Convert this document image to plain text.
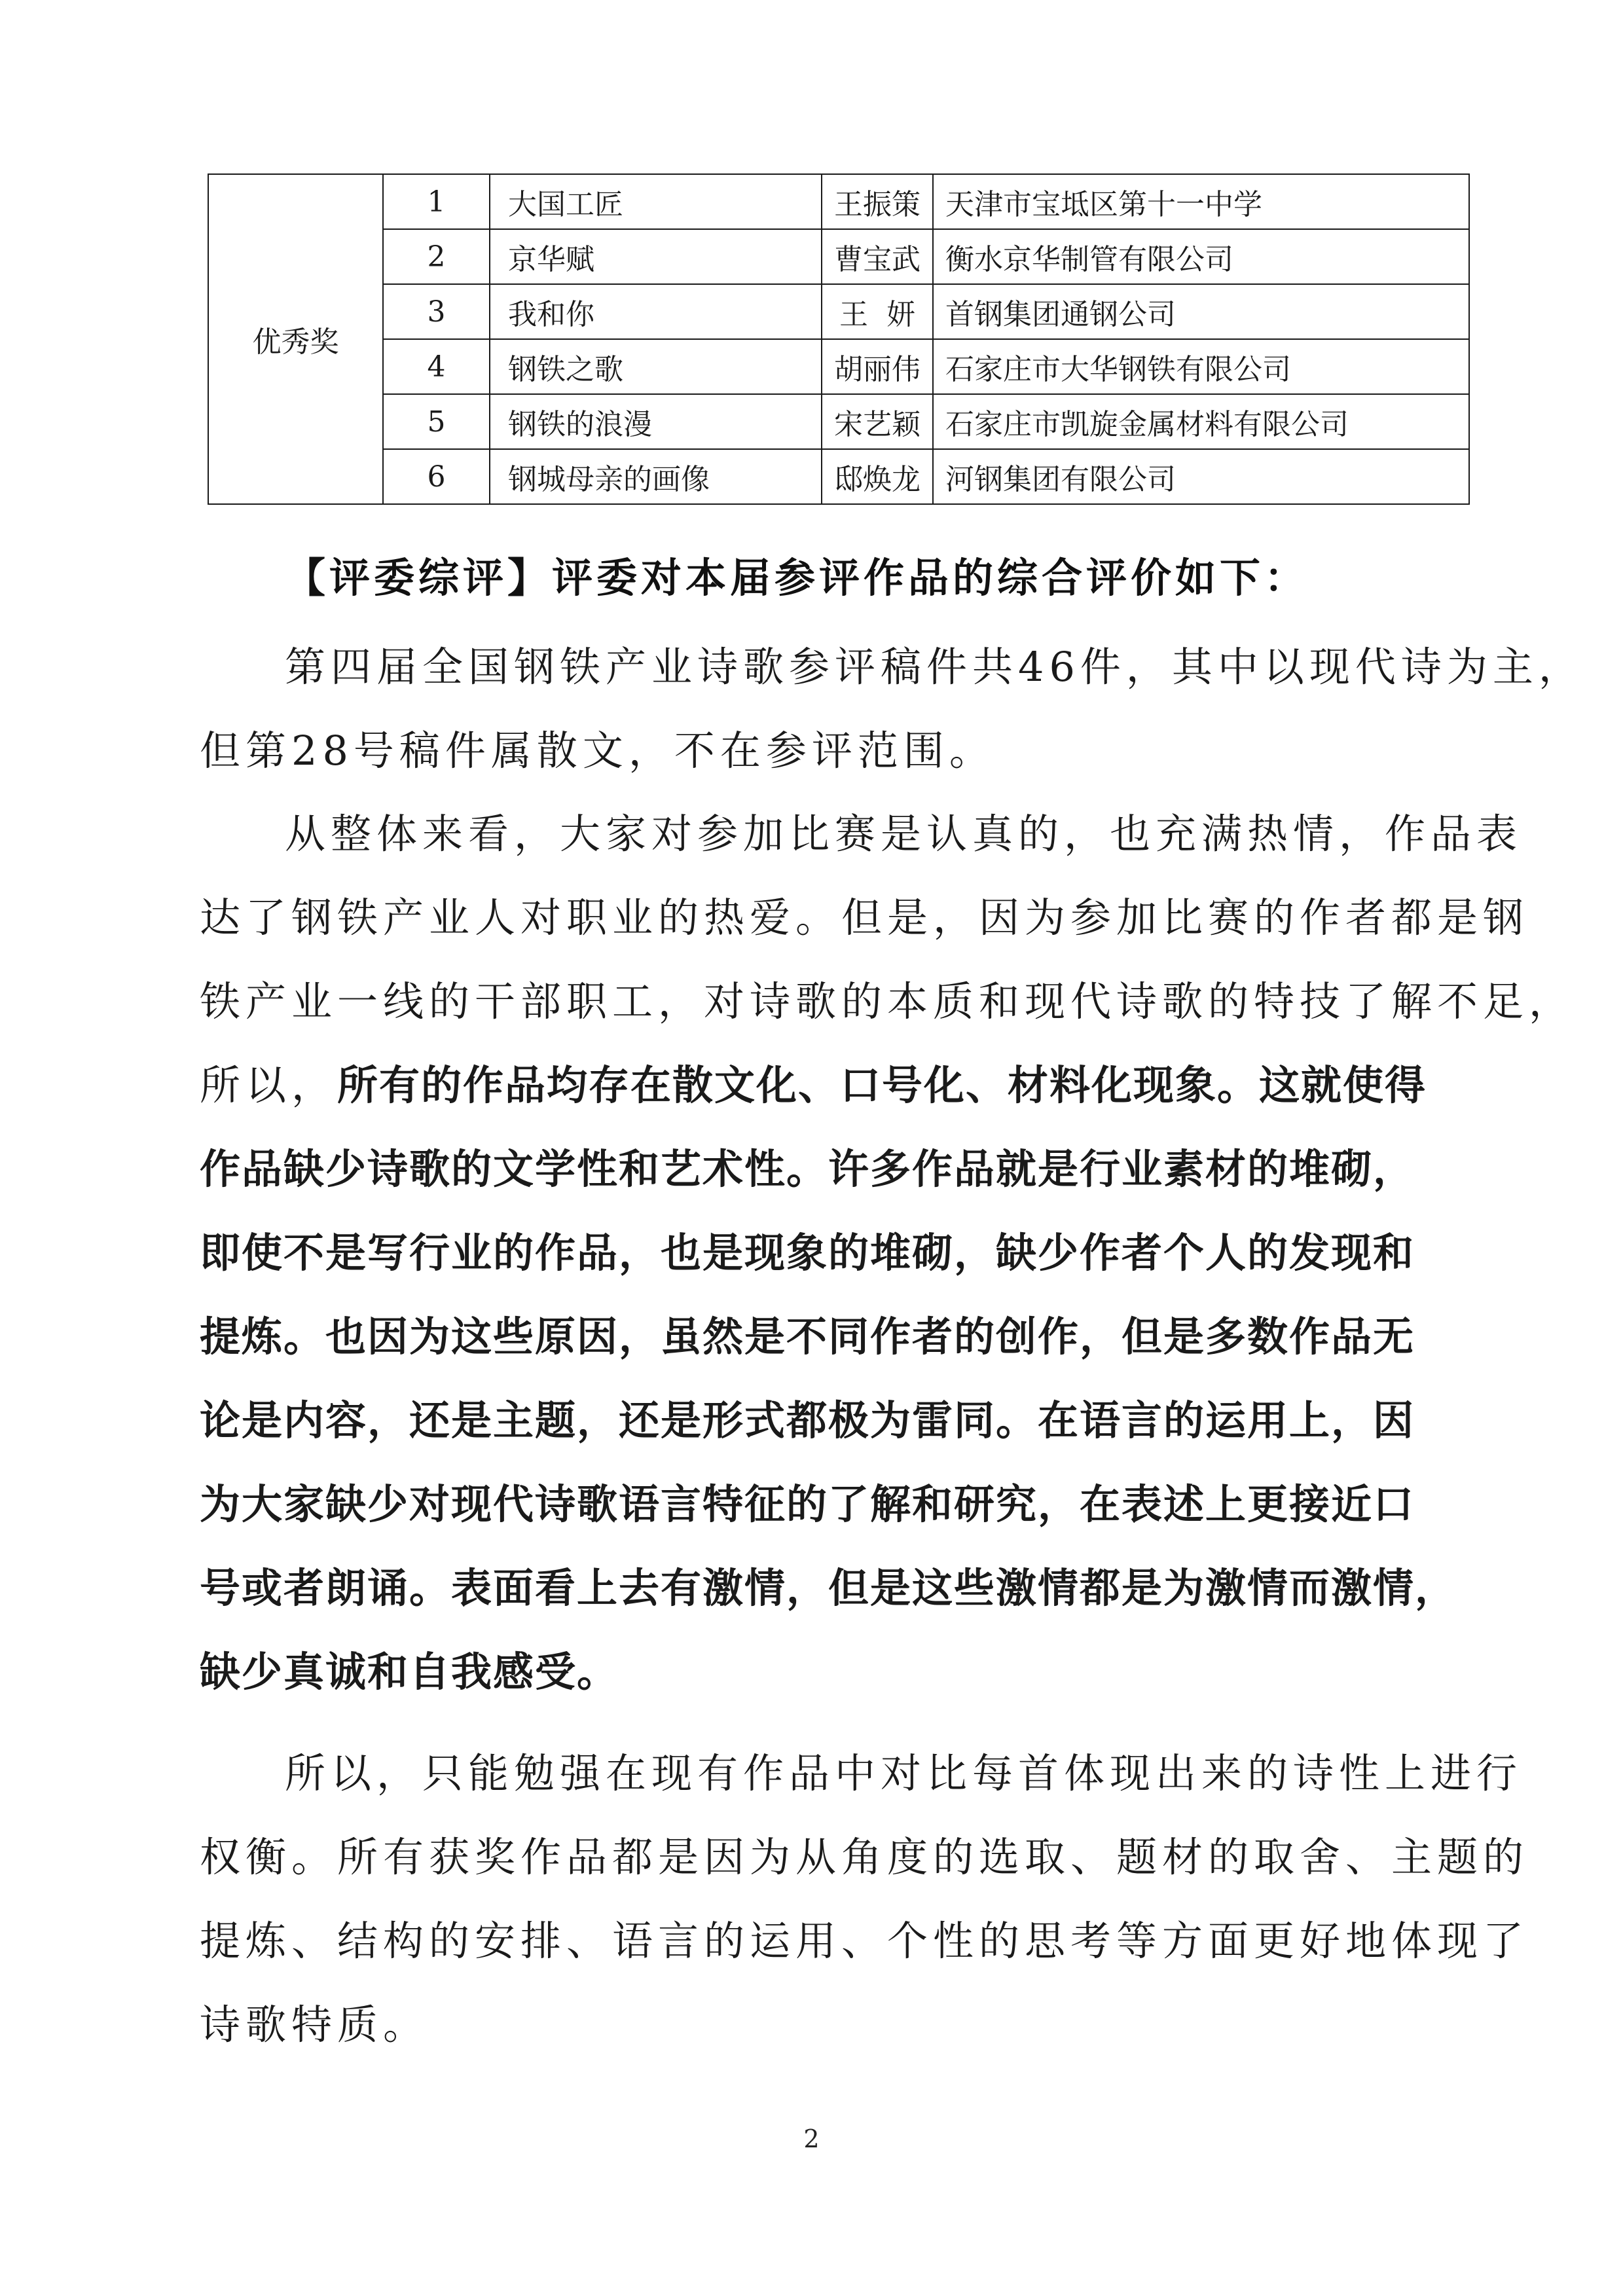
优秀奖	1	大国工匠	王振策	天津市宝坻区第十一中学
	2	京华赋	曹宝武	衡水京华制管有限公司
	3	我和你	王  妍	首钢集团通钢公司
	4	钢铁之歌	胡丽伟	石家庄市大华钢铁有限公司
	5	钢铁的浪漫	宋艺颖	石家庄市凯旋金属材料有限公司
	6	钢城母亲的画像	邸焕龙	河钢集团有限公司
【评委综评】评委对本届参评作品的综合评价如下：
第四届全国钢铁产业诗歌参评稿件共46件，其中以现代诗为主，
但第28号稿件属散文，不在参评范围。
从整体来看，大家对参加比赛是认真的，也充满热情，作品表
达了钢铁产业人对职业的热爱。但是，因为参加比赛的作者都是钢
铁产业一线的干部职工，对诗歌的本质和现代诗歌的特技了解不足，
所以，所有的作品均存在散文化、口号化、材料化现象。这就使得
作品缺少诗歌的文学性和艺术性。许多作品就是行业素材的堆砌，
即使不是写行业的作品，也是现象的堆砌，缺少作者个人的发现和
提炼。也因为这些原因，虽然是不同作者的创作，但是多数作品无
论是内容，还是主题，还是形式都极为雷同。在语言的运用上，因
为大家缺少对现代诗歌语言特征的了解和研究，在表述上更接近口
号或者朗诵。表面看上去有激情，但是这些激情都是为激情而激情，
缺少真诚和自我感受。
所以，只能勉强在现有作品中对比每首体现出来的诗性上进行
权衡。所有获奖作品都是因为从角度的选取、题材的取舍、主题的
提炼、结构的安排、语言的运用、个性的思考等方面更好地体现了
诗歌特质。
2
